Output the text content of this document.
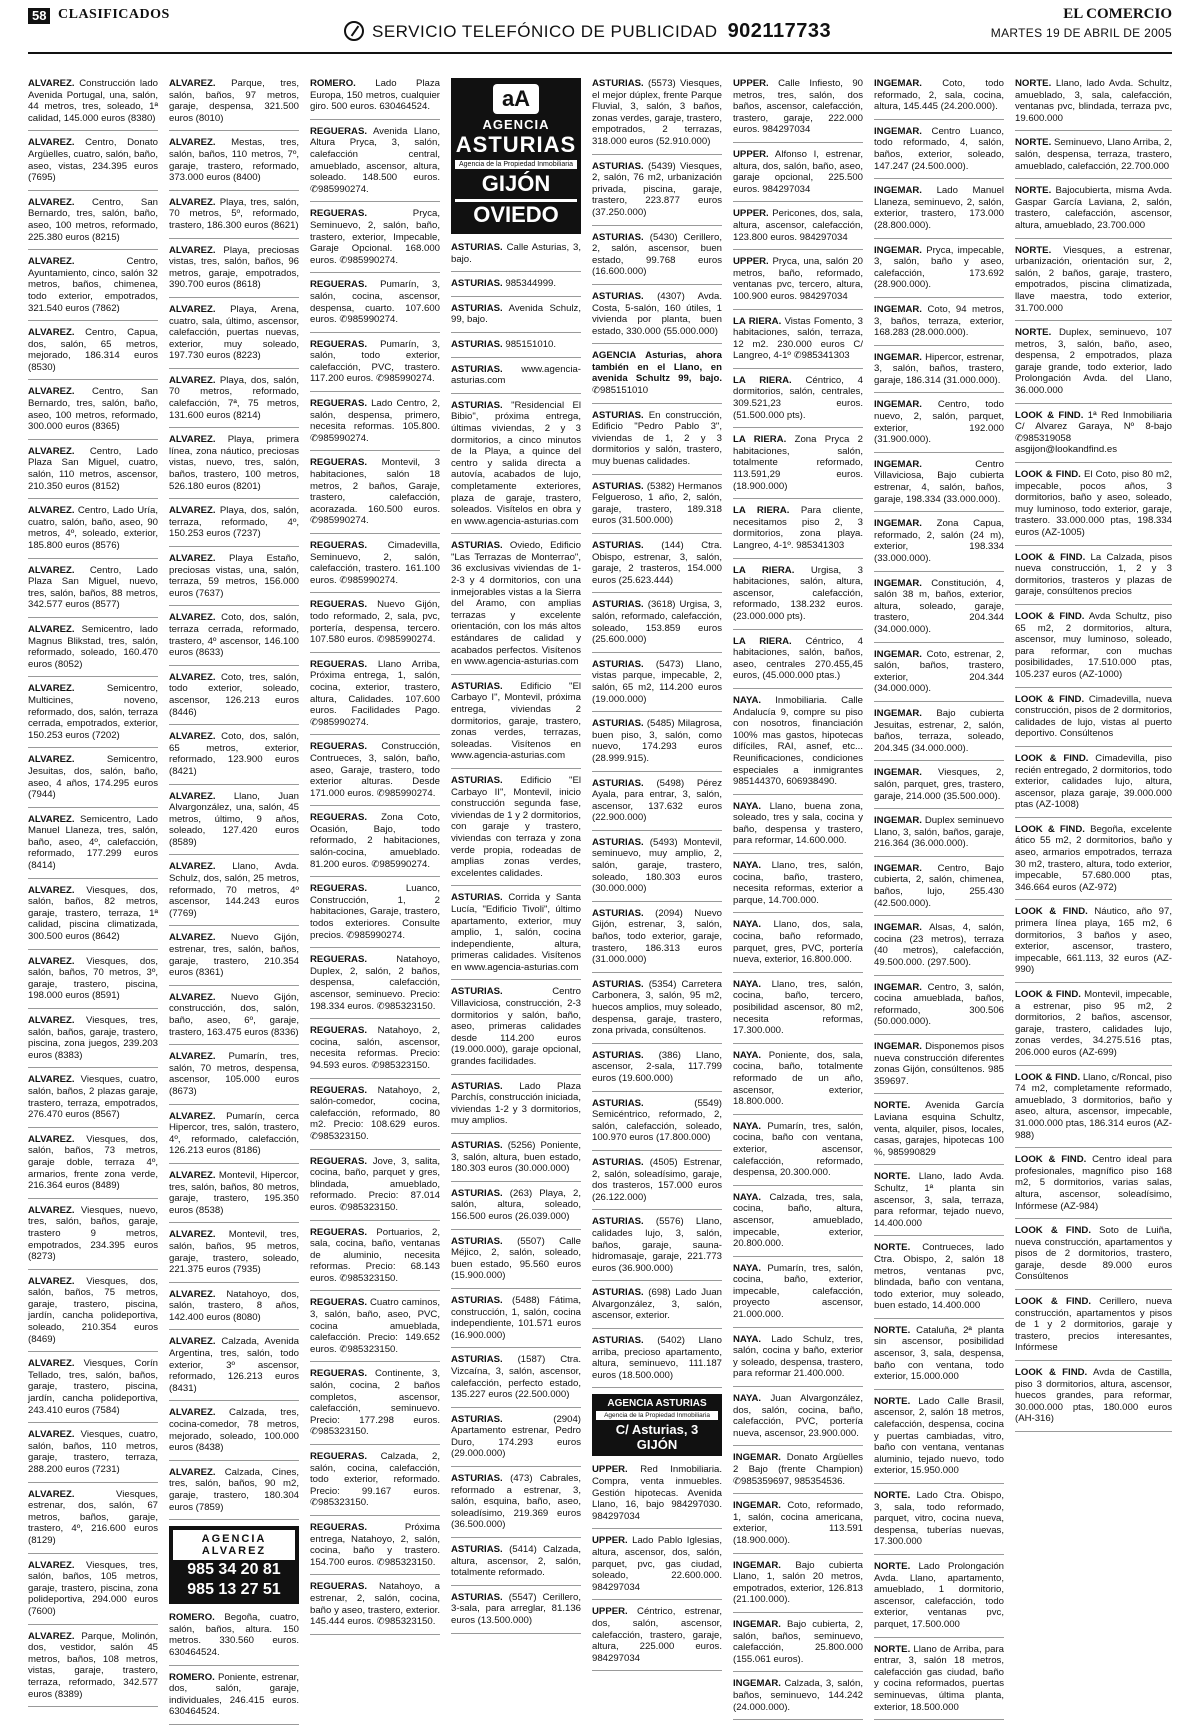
58 CLASIFICADOS
SERVICIO TELEFÓNICO DE PUBLICIDAD 902117733
EL COMERCIO
MARTES 19 DE ABRIL DE 2005
ALVAREZ. Construcción lado Avenida Portugal, una, salón, 44 metros, tres, soleado, 1ª calidad, 145.000 euros (8380)
ALVAREZ. Centro, Donato Argüelles, cuatro, salón, baño, aseo, vistas, 234.395 euros (7695)
ALVAREZ. Centro, San Bernardo, tres, salón, baño, aseo, 100 metros, reformado, 225.380 euros (8215)
ALVAREZ.	Centro, Ayuntamiento, cinco, salón 32 metros, baños, chimenea, todo exterior, empotrados, 321.540 euros (7862)
ALVAREZ. Centro, Capua, dos, salón, 65 metros, mejorado, 186.314 euros (8530)
ALVAREZ. Centro, San Bernardo, tres, salón, baño, aseo, 100 metros, reformado, 300.000 euros (8365)
ALVAREZ. Centro, Lado Plaza San Miguel, cuatro, salón, 110 metros, ascensor, 210.350 euros (8152)
ALVAREZ. Centro, Lado Uría, cuatro, salón, baño, aseo, 90 metros, 4º, soleado, exterior, 185.800 euros (8576)
ALVAREZ. Centro, Lado Plaza San Miguel, nuevo, tres, salón, baños, 88 metros, 342.577 euros (8577)
ALVAREZ. Semicentro, lado Magnus Blikstad, tres, salón, reformado, soleado, 160.470 euros (8052)
ALVAREZ.	Semicentro, Multicines, noveno, reformado, dos, salón, terraza cerrada, empotrados, exterior, 150.253 euros (7202)
ALVAREZ.	Semicentro, Jesuitas, dos, salón, baño, aseo, 4 años, 174.295 euros (7944)
ALVAREZ. Semicentro, Lado Manuel Llaneza, tres, salón, baño, aseo, 4º, calefacción, reformado, 177.299 euros (8414)
ALVAREZ. Viesques, dos, salón, baños, 82 metros, garaje, trastero, terraza, 1ª calidad, piscina climatizada, 300.500 euros (8642)
ALVAREZ. Viesques, dos, salón, baños, 70 metros, 3º, garaje, trastero, piscina, 198.000 euros (8591)
ALVAREZ. Viesques, tres, salón, baños, garaje, trastero, piscina, zona juegos, 239.203 euros (8383)
ALVAREZ. Viesques, cuatro, salón, baños, 2 plazas garaje, trastero, terraza, empotrados, 276.470 euros (8567)
ALVAREZ. Viesques, dos, salón, baños, 73 metros, garaje doble, terraza 4º, armarios, frente zona verde, 216.364 euros (8489)
ALVAREZ. Viesques, nuevo, tres, salón, baños, garaje, trastero 9 metros, empotrados, 234.395 euros (8273)
ALVAREZ. Viesques, dos, salón, baños, 75 metros, garaje, trastero, piscina, jardín, cancha polideportiva, soleado, 210.354 euros (8469)
ALVAREZ. Viesques, Corín Tellado, tres, salón, baños, garaje, trastero, piscina, jardín, cancha polideportiva, 243.410 euros (7584)
ALVAREZ. Viesques, cuatro, salón, baños, 110 metros, garaje, trastero, terraza, 288.200 euros (7231)
ALVAREZ.	Viesques, estrenar, dos, salón, 67 metros, baños, garaje, trastero, 4º, 216.600 euros (8129)
ALVAREZ. Viesques, tres, salón, baños, 105 metros, garaje, trastero, piscina, zona polideportiva, 294.000 euros (7600)
ALVAREZ. Parque, Molinón, dos, vestidor, salón 45 metros, baños, 108 metros, vistas, garaje, trastero, terraza, reformado, 342.577 euros (8389)
ALVAREZ. Parque, tres, salón, baños, 97 metros, garaje, despensa, 321.500 euros (8010)
ALVAREZ. Mestas, tres, salón, baños, 110 metros, 7º, garaje, trastero, reformado, 373.000 euros (8400)
ALVAREZ. Playa, tres, salón, 70 metros, 5º, reformado, trastero, 186.300 euros (8621)
ALVAREZ. Playa, preciosas vistas, tres, salón, baños, 96 metros, garaje, empotrados, 390.700 euros (8618)
ALVAREZ. Playa, Arena, cuatro, sala, último, ascensor, calefacción, puertas nuevas, exterior, muy soleado, 197.730 euros (8223)
ALVAREZ. Playa, dos, salón, 70 metros, reformado, calefacción, 7ª, 75 metros, 131.600 euros (8214)
ALVAREZ. Playa, primera línea, zona náutico, preciosas vistas, nuevo, tres, salón, baños, trastero, 100 metros, 526.180 euros (8201)
ALVAREZ. Playa, dos, salón, terraza, reformado, 4º, 150.253 euros (7237)
ALVAREZ. Playa Estaño, preciosas vistas, una, salón, terraza, 59 metros, 156.000 euros (7637)
ALVAREZ. Coto, dos, salón, terraza cerrada, reformado, trastero, 4º ascensor, 146.100 euros (8633)
ALVAREZ. Coto, tres, salón, todo exterior, soleado, ascensor, 126.213 euros (8446)
ALVAREZ. Coto, dos, salón, 65 metros, exterior, reformado, 123.900 euros (8421)
ALVAREZ. Llano, Juan Alvargonzález, una, salón, 45 metros, último, 9 años, soleado, 127.420 euros (8589)
ALVAREZ. Llano, Avda. Schulz, dos, salón, 25 metros, reformado, 70 metros, 4º ascensor, 144.243 euros (7769)
ALVAREZ. Nuevo Gijón, estrenar, tres, salón, baños, garaje, trastero, 210.354 euros (8361)
ALVAREZ. Nuevo Gijón, construcción, dos, salón, baño, aseo, 6º, garaje, trastero, 163.475 euros (8336)
ALVAREZ. Pumarín, tres, salón, 70 metros, despensa, ascensor, 105.000 euros (8673)
ALVAREZ. Pumarín, cerca Hipercor, tres, salón, trastero, 4º, reformado, calefacción, 126.213 euros (8186)
ALVAREZ. Montevil, Hipercor, tres, salón, baños, 80 metros, garaje, trastero, 195.350 euros (8538)
ALVAREZ. Montevil, tres, salón, baños, 95 metros, garaje, trastero, soleado, 221.375 euros (7935)
ALVAREZ. Natahoyo, dos, salón, trastero, 8 años, 142.400 euros (8080)
ALVAREZ. Calzada, Avenida Argentina, tres, salón, todo exterior, 3º ascensor, reformado, 126.213 euros (8431)
ALVAREZ. Calzada, tres, cocina-comedor, 78 metros, mejorado, soleado, 100.000 euros (8438)
ALVAREZ. Calzada, Cines, tres, salón, baños, 90 m2, garaje, trastero, 180.304 euros (7859)
AGENCIA ALVAREZ
985 34 20 81
985 13 27 51
ROMERO. Begoña, cuatro, salón, baños, altura. 150 metros. 330.560 euros. 630464524.
ROMERO. Poniente, estrenar, dos, salón, garaje, individuales, 246.415 euros. 630464524.
ROMERO. Lado Plaza Europa, 150 metros, cualquier giro. 500 euros. 630464524.
REGUERAS. Avenida Llano, Altura Pryca, 3, salón, calefacción central, amueblado, ascensor, altura, soleado. 148.500 euros. ✆985990274.
REGUERAS.	Pryca, Seminuevo, 2, salón, baño, trastero, exterior, Impecable, Garaje Opcional. 168.000 euros. ✆985990274.
REGUERAS. Pumarín, 3, salón, cocina, ascensor, despensa, cuarto. 107.600 euros. ✆985990274.
REGUERAS. Pumarín, 3, salón, todo exterior, calefacción, PVC, trastero. 117.200 euros. ✆985990274.
REGUERAS. Lado Centro, 2, salón, despensa, primero, necesita reformas. 105.800. ✆985990274.
REGUERAS. Montevil, 3 habitaciones, salón 18 metros, 2 baños, Garaje, trastero, calefacción, acorazada. 160.500 euros. ✆985990274.
REGUERAS. Cimadevilla, Seminuevo, 2, salón, calefacción, trastero. 161.100 euros. ✆985990274.
REGUERAS. Nuevo Gijón, todo reformado, 2, sala, pvc, portería, despensa, tercero. 107.580 euros. ✆985990274.
REGUERAS. Llano Arriba, Próxima entrega, 1, salón, cocina, exterior, trastero, altura, Calidades. 107.600 euros. Facilidades Pago. ✆985990274.
REGUERAS. Construcción, Contrueces, 3, salón, baño, aseo, Garaje, trastero, todo exterior alturas. Desde 171.000 euros. ✆985990274.
REGUERAS. Zona Coto, Ocasión, Bajo, todo reformado, 2 habitaciones, salón-cocina, amueblado. 81.200 euros. ✆985990274.
REGUERAS.	Luanco, Construcción, 1, 2 habitaciones, Garaje, trastero, todos exteriores. Consulte precios. ✆985990274.
REGUERAS.	Natahoyo, Duplex, 2, salón, 2 baños, despensa, calefacción, ascensor, seminuevo. Precio: 198.334 euros. ✆985323150.
REGUERAS. Natahoyo, 2, cocina, salón, ascensor, necesita reformas. Precio: 94.593 euros. ✆985323150.
REGUERAS. Natahoyo, 2, salón-comedor, cocina, calefacción, reformado, 80 m2. Precio: 108.629 euros. ✆985323150.
REGUERAS. Jove, 3, salita, cocina, baño, parquet y gres, blindada, amueblado, reformado. Precio: 87.014 euros. ✆985323150.
REGUERAS. Portuarios, 2, sala, cocina, baño, ventanas de aluminio, necesita reformas. Precio: 68.143 euros. ✆985323150.
REGUERAS. Cuatro caminos, 3, salón, baño, aseo, PVC, cocina amueblada, calefacción. Precio: 149.652 euros. ✆985323150.
REGUERAS. Continente, 3, salón, cocina, 2 baños completos, ascensor, calefacción, seminuevo. Precio: 177.298 euros. ✆985323150.
REGUERAS. Calzada, 2, salón, cocina, calefacción, todo exterior, reformado. Precio: 99.167 euros. ✆985323150.
REGUERAS.	Próxima entrega, Natahoyo, 2, salón, cocina, baño y trastero. 154.700 euros. ✆985323150.
REGUERAS. Natahoyo, a estrenar, 2, salón, cocina, baño y aseo, trastero, exterior. 145.444 euros. ✆985323150.
aA
AGENCIA
ASTURIAS
Agencia de la Propiedad Inmobiliaria
GIJÓN
OVIEDO
ASTURIAS. Calle Asturias, 3, bajo.
ASTURIAS. 985344999.
ASTURIAS. Avenida Schulz, 99, bajo.
ASTURIAS. 985151010.
ASTURIAS. www.agencia-asturias.com
ASTURIAS. "Residencial El Bibio", próxima entrega, últimas viviendas, 2 y 3 dormitorios, a cinco minutos de la Playa, a quince del centro y salida directa a autovía, acabados de lujo, completamente exteriores, plaza de garaje, trastero, soleados. Visítelos en obra y en www.agencia-asturias.com
ASTURIAS. Oviedo, Edificio "Las Terrazas de Monterrao", 36 exclusivas viviendas de 1-2-3 y 4 dormitorios, con una inmejorables vistas a la Sierra del Aramo, con amplias terrazas y excelente orientación, con los más altos estándares de calidad y acabados perfectos. Visítenos en www.agencia-asturias.com
ASTURIAS. Edificio "El Carbayo I", Montevil, próxima entrega, viviendas 2 dormitorios, garaje, trastero, zonas verdes, terrazas, soleadas. Visítenos en www.agencia-asturias.com
ASTURIAS. Edificio "El Carbayo II", Montevil, inicio construcción segunda fase, viviendas de 1 y 2 dormitorios, con garaje y trastero, viviendas con terraza y zona verde propia, rodeadas de amplias zonas verdes, excelentes calidades.
ASTURIAS. Corrida y Santa Lucía, "Edificio Tivoli", último apartamento, exterior, muy amplio, 1, salón, cocina independiente, altura, primeras calidades. Visítenos en www.agencia-asturias.com
ASTURIAS.	Centro Villaviciosa, construcción, 2-3 dormitorios y salón, baño, aseo, primeras calidades desde 114.200 euros (19.000.000), garaje opcional, grandes facilidades.
ASTURIAS. Lado Plaza Parchís, construcción iniciada, viviendas 1-2 y 3 dormitorios, muy amplios.
ASTURIAS. (5256) Poniente, 3, salón, altura, buen estado, 180.303 euros (30.000.000)
ASTURIAS. (263) Playa, 2, salón, altura, soleado, 156.500 euros (26.039.000)
ASTURIAS. (5507) Calle Méjico, 2, salón, soleado, buen estado, 95.560 euros (15.900.000)
ASTURIAS. (5488) Fátima, construcción, 1, salón, cocina independiente, 101.571 euros (16.900.000)
ASTURIAS. (1587) Ctra. Vizcaína, 3, salón, ascensor, calefacción, perfecto estado, 135.227 euros (22.500.000)
ASTURIAS.	(2904) Apartamento estrenar, Pedro Duro, 174.293 euros (29.000.000)
ASTURIAS. (473) Cabrales, reformado a estrenar, 3, salón, esquina, baño, aseo, soleadísimo, 219.369 euros (36.500.000)
ASTURIAS. (5414) Calzada, altura, ascensor, 2, salón, totalmente reformado.
ASTURIAS. (5547) Cerillero, 3-sala, para arreglar, 81.136 euros (13.500.000)
ASTURIAS. (5573) Viesques, el mejor dúplex, frente Parque Fluvial, 3, salón, 3 baños, zonas verdes, garaje, trastero, empotrados, 2 terrazas, 318.000 euros (52.910.000)
ASTURIAS. (5439) Viesques, 2, salón, 76 m2, urbanización privada, piscina, garaje, trastero, 223.877 euros (37.250.000)
ASTURIAS. (5430) Cerillero, 2, salón, ascensor, buen estado, 99.768 euros (16.600.000)
ASTURIAS. (4307) Avda. Costa, 5-salón, 160 útiles, 1 vivienda por planta, buen estado, 330.000 (55.000.000)
AGENCIA Asturias, ahora también en el Llano, en avenida Schultz 99, bajo. ✆985151010
ASTURIAS. En construcción, Edificio "Pedro Pablo 3", viviendas de 1, 2 y 3 dormitorios y salón, trastero, muy buenas calidades.
ASTURIAS. (5382) Hermanos Felgueroso, 1 año, 2, salón, garaje, trastero, 189.318 euros (31.500.000)
ASTURIAS. (144) Ctra. Obispo, estrenar, 3, salón, garaje, 2 trasteros, 154.000 euros (25.623.444)
ASTURIAS. (3618) Urgisa, 3, salón, reformado, calefacción, soleado, 153.859 euros (25.600.000)
ASTURIAS. (5473) Llano, vistas parque, impecable, 2, salón, 65 m2, 114.200 euros (19.000.000)
ASTURIAS. (5485) Milagrosa, buen piso, 3, salón, como nuevo, 174.293 euros (28.999.915).
ASTURIAS. (5498) Pérez Ayala, para entrar, 3, salón, ascensor, 137.632 euros (22.900.000)
ASTURIAS. (5493) Montevil, seminuevo, muy amplio, 2, salón, garaje, trastero, soleado, 180.303 euros (30.000.000)
ASTURIAS. (2094) Nuevo Gijón, estrenar, 3, salón, baños, todo exterior, garaje, trastero, 186.313 euros (31.000.000)
ASTURIAS. (5354) Carretera Carbonera, 3, salón, 95 m2, huecos amplios, muy soleado, despensa, garaje, trastero, zona privada, consúltenos.
ASTURIAS. (386) Llano, ascensor, 2-sala, 117.799 euros (19.600.000)
ASTURIAS.	(5549) Semicéntrico, reformado, 2, salón, calefacción, soleado, 100.970 euros (17.800.000)
ASTURIAS. (4505) Estrenar, 2, salón, soleadísimo, garaje, dos trasteros, 157.000 euros (26.122.000)
ASTURIAS. (5576) Llano, calidades lujo, 3, salón, baños, garaje, sauna-hidromasaje, garaje, 221.773 euros (36.900.000)
ASTURIAS. (698) Lado Juan Alvargonzález, 3, salón, ascensor, exterior.
ASTURIAS. (5402) Llano arriba, precioso apartamento, altura, seminuevo, 111.187 euros (18.500.000)
AGENCIA ASTURIAS
Agencia de la Propiedad Inmobiliaria
C/ Asturias, 3 GIJÓN
UPPER. Red Inmobiliaria. Compra, venta inmuebles. Gestión hipotecas. Avenida Llano, 16, bajo 984297030. 984297034
UPPER. Lado Pablo Iglesias, altura, ascensor, dos, salón, parquet, pvc, gas ciudad, soleado, 22.600.000. 984297034
UPPER. Céntrico, estrenar, dos, salón, ascensor, calefacción, trastero, garaje, altura, 225.000 euros. 984297034
UPPER. Calle Infiesto, 90 metros, tres, salón, dos baños, ascensor, calefacción, trastero, garaje, 222.000 euros. 984297034
UPPER. Alfonso I, estrenar, altura, dos, salón, baño, aseo, garaje opcional, 225.500 euros. 984297034
UPPER. Pericones, dos, sala, altura, ascensor, calefacción, 123.800 euros. 984297034
UPPER. Pryca, una, salón 20 metros, baño, reformado, ventanas pvc, tercero, altura, 100.900 euros. 984297034
LA RIERA. Vistas Fomento, 3 habitaciones, salón, terraza, 12 m2. 230.000 euros C/ Langreo, 4-1º ✆985341303
LA RIERA. Céntrico, 4 dormitorios, salón, centrales, 309.521,23 euros. (51.500.000 pts).
LA RIERA. Zona Pryca 2 habitaciones, salón, totalmente reformado, 113.591,29 euros. (18.900.000)
LA RIERA. Para cliente, necesitamos piso 2, 3 dormitorios, zona playa. Langreo, 4-1º. 985341303
LA RIERA. Urgisa, 3 habitaciones, salón, altura, ascensor, calefacción, reformado, 138.232 euros. (23.000.000 pts).
LA RIERA. Céntrico, 4 habitaciones, salón, baños, aseo, centrales 270.455,45 euros, (45.000.000 ptas.)
NAYA. Inmobiliaria. Calle Andalucía 9, compre su piso con nosotros, financiación 100% mas gastos, hipotecas difíciles, RAI, asnef, etc... Reunificaciones, condiciones especiales a inmigrantes 985144370, 606938490.
NAYA. Llano, buena zona, soleado, tres y sala, cocina y baño, despensa y trastero, para reformar, 14.600.000.
NAYA. Llano, tres, salón, cocina, baño, trastero, necesita reformas, exterior a parque, 14.700.000.
NAYA. Llano, dos, sala, cocina, baño reformado, parquet, gres, PVC, portería nueva, exterior, 16.800.000.
NAYA. Llano, tres, salón, cocina, baño, tercero, posibilidad ascensor, 80 m2, necesita reformas, 17.300.000.
NAYA. Poniente, dos, sala, cocina, baño, totalmente reformado de un año, ascensor, exterior, 18.800.000.
NAYA. Pumarín, tres, salón, cocina, baño con ventana, exterior, ascensor, calefacción, reformado, despensa, 20.300.000.
NAYA. Calzada, tres, sala, cocina, baño, altura, ascensor, amueblado, impecable, exterior, 20.800.000.
NAYA. Pumarín, tres, salón, cocina, baño, exterior, impecable, calefacción, proyecto ascensor, 21.000.000.
NAYA. Lado Schulz, tres, salón, cocina y baño, exterior y soleado, despensa, trastero, para reformar 21.400.000.
NAYA. Juan Alvargonzález, dos, salón, cocina, baño, calefacción, PVC, portería nueva, ascensor, 23.900.000.
INGEMAR. Donato Argüelles 2 Bajo (frente Champion) ✆985359697, 985354536.
INGEMAR. Coto, reformado, 1, salón, cocina americana, exterior, 113.591 (18.900.000).
INGEMAR. Bajo cubierta Llano, 1, salón 20 metros, empotrados, exterior, 126.813 (21.100.000).
INGEMAR. Bajo cubierta, 2, salón, baños, seminuevo, calefacción, 25.800.000 (155.061 euros).
INGEMAR. Calzada, 3, salón, baños, seminuevo, 144.242 (24.000.000).
INGEMAR. Coto, todo reformado, 2, sala, cocina, altura, 145.445 (24.200.000).
INGEMAR. Centro Luanco, todo reformado, 4, salón, baños, exterior, soleado, 147.247 (24.500.000).
INGEMAR. Lado Manuel Llaneza, seminuevo, 2, salón, exterior, trastero, 173.000 (28.800.000).
INGEMAR. Pryca, impecable, 3, salón, baño y aseo, calefacción, 173.692 (28.900.000).
INGEMAR. Coto, 94 metros, 3, baños, terraza, exterior, 168.283 (28.000.000).
INGEMAR. Hipercor, estrenar, 3, salón, baños, trastero, garaje, 186.314 (31.000.000).
INGEMAR. Centro, todo nuevo, 2, salón, parquet, exterior, 192.000 (31.900.000).
INGEMAR.	Centro Villaviciosa, Bajo cubierta estrenar, 4, salón, baños, garaje, 198.334 (33.000.000).
INGEMAR. Zona Capua, reformado, 2, salón (24 m), exterior, 198.334 (33.000.000).
INGEMAR. Constitución, 4, salón 38 m, baños, exterior, altura, soleado, garaje, trastero, 204.344 (34.000.000).
INGEMAR. Coto, estrenar, 2, salón, baños, trastero, exterior, 204.344 (34.000.000).
INGEMAR. Bajo cubierta Jesuitas, estrenar, 2, salón, baños, terraza, soleado, 204.345 (34.000.000).
INGEMAR. Viesques, 2, salón, parquet, gres, trastero, garaje, 214.000 (35.500.000).
INGEMAR. Duplex seminuevo Llano, 3, salón, baños, garaje, 216.364 (36.000.000).
INGEMAR. Centro, Bajo cubierta, 2, salón, chimenea, baños, lujo, 255.430 (42.500.000).
INGEMAR. Alsas, 4, salón, cocina (23 metros), terraza (40 metros), calefacción, 49.500.000. (297.500).
INGEMAR. Centro, 3, salón, cocina amueblada, baños, reformado, 300.506 (50.000.000).
INGEMAR. Disponemos pisos nueva construcción diferentes zonas Gijón, consúltenos. 985 359697.
NORTE. Avenida García Laviana esquina Schultz, venta, alquiler, pisos, locales, casas, garajes, hipotecas 100 %, 985990829
NORTE. Llano, lado Avda. Schultz, 1ª planta sin ascensor, 3, sala, terraza, para reformar, tejado nuevo, 14.400.000
NORTE. Contrueces, lado Ctra. Obispo, 2, salón 18 metros, ventanas pvc, blindada, baño con ventana, todo exterior, muy soleado, buen estado, 14.400.000
NORTE. Cataluña, 2ª planta sin ascensor, posibilidad ascensor, 3, sala, despensa, baño con ventana, todo exterior, 15.000.000
NORTE. Lado Calle Brasil, ascensor, 2, salón 18 metros, calefacción, despensa, cocina y puertas cambiadas, vitro, baño con ventana, ventanas aluminio, tejado nuevo, todo exterior, 15.950.000
NORTE. Lado Ctra. Obispo, 3, sala, todo reformado, parquet, vitro, cocina nueva, despensa, tuberías nuevas, 17.300.000
NORTE. Lado Prolongación Avda. Llano, apartamento, amueblado, 1 dormitorio, ascensor, calefacción, todo exterior, ventanas pvc, parquet, 17.500.000
NORTE. Llano de Arriba, para entrar, 3, salón 18 metros, calefacción gas ciudad, baño y cocina reformados, puertas seminuevas, última planta, exterior, 18.500.000
NORTE. Llano, lado Avda. Schultz, amueblado, 3, sala, calefacción, ventanas pvc, blindada, terraza pvc, 19.600.000
NORTE. Seminuevo, Llano Arriba, 2, salón, despensa, terraza, trastero, amueblado, calefacción, 22.700.000
NORTE. Bajocubierta, misma Avda. Gaspar García Laviana, 2, salón, trastero, calefacción, ascensor, altura, amueblado, 23.700.000
NORTE. Viesques, a estrenar, urbanización, orientación sur, 2, salón, 2 baños, garaje, trastero, empotrados, piscina climatizada, llave maestra, todo exterior, 31.700.000
NORTE. Duplex, seminuevo, 107 metros, 3, salón, baño, aseo, despensa, 2 empotrados, plaza garaje grande, todo exterior, lado Prolongación Avda. del Llano, 36.000.000
LOOK & FIND. 1ª Red Inmobiliaria C/ Alvarez Garaya, Nº 8-bajo ✆985319058 asgijon@lookandfind.es
LOOK & FIND. El Coto, piso 80 m2, impecable, pocos años, 3 dormitorios, baño y aseo, soleado, muy luminoso, todo exterior, garaje, trastero. 33.000.000 ptas, 198.334 euros (AZ-1005)
LOOK & FIND. La Calzada, pisos nueva construcción, 1, 2 y 3 dormitorios, trasteros y plazas de garaje, consúltenos precios
LOOK & FIND. Avda Schultz, piso 65 m2, 2 dormitorios, altura, ascensor, muy luminoso, soleado, para reformar, con muchas posibilidades, 17.510.000 ptas, 105.237 euros (AZ-1000)
LOOK & FIND. Cimadevilla, nueva construcción, pisos de 2 dormitorios, calidades de lujo, vistas al puerto deportivo. Consúltenos
LOOK & FIND. Cimadevilla, piso recién entregado, 2 dormitorios, todo exterior, calidades lujo, altura, ascensor, plaza garaje, 39.000.000 ptas (AZ-1008)
LOOK & FIND. Begoña, excelente ático 55 m2, 2 dormitorios, baño y aseo, armarios empotrados, terraza 30 m2, trastero, altura, todo exterior, impecable, 57.680.000 ptas, 346.664 euros (AZ-972)
LOOK & FIND. Náutico, año 97, primera línea playa, 165 m2, 6 dormitorios, 3 baños y aseo, exterior, ascensor, trastero, impecable, 661.113, 32 euros (AZ-990)
LOOK & FIND. Montevil, impecable, a estrenar, piso 95 m2, 2 dormitorios, 2 baños, ascensor, garaje, trastero, calidades lujo, zonas verdes, 34.275.516 ptas, 206.000 euros (AZ-699)
LOOK & FIND. Llano, c/Roncal, piso 74 m2, completamente reformado, amueblado, 3 dormitorios, baño y aseo, altura, ascensor, impecable, 31.000.000 ptas, 186.314 euros (AZ-988)
LOOK & FIND. Centro ideal para profesionales, magnífico piso 168 m2, 5 dormitorios, varias salas, altura, ascensor, soleadísimo, Infórmese (AZ-984)
LOOK & FIND. Soto de Luiña, nueva construcción, apartamentos y pisos de 2 dormitorios, trastero, garaje, desde 89.000 euros Consúltenos
LOOK & FIND. Cerillero, nueva construcción, apartamentos y pisos de 1 y 2 dormitorios, garaje y trastero, precios interesantes, Infórmese
LOOK & FIND. Avda de Castilla, piso 3 dormitorios, altura, ascensor, huecos grandes, para reformar, 30.000.000 ptas, 180.000 euros (AH-316)
